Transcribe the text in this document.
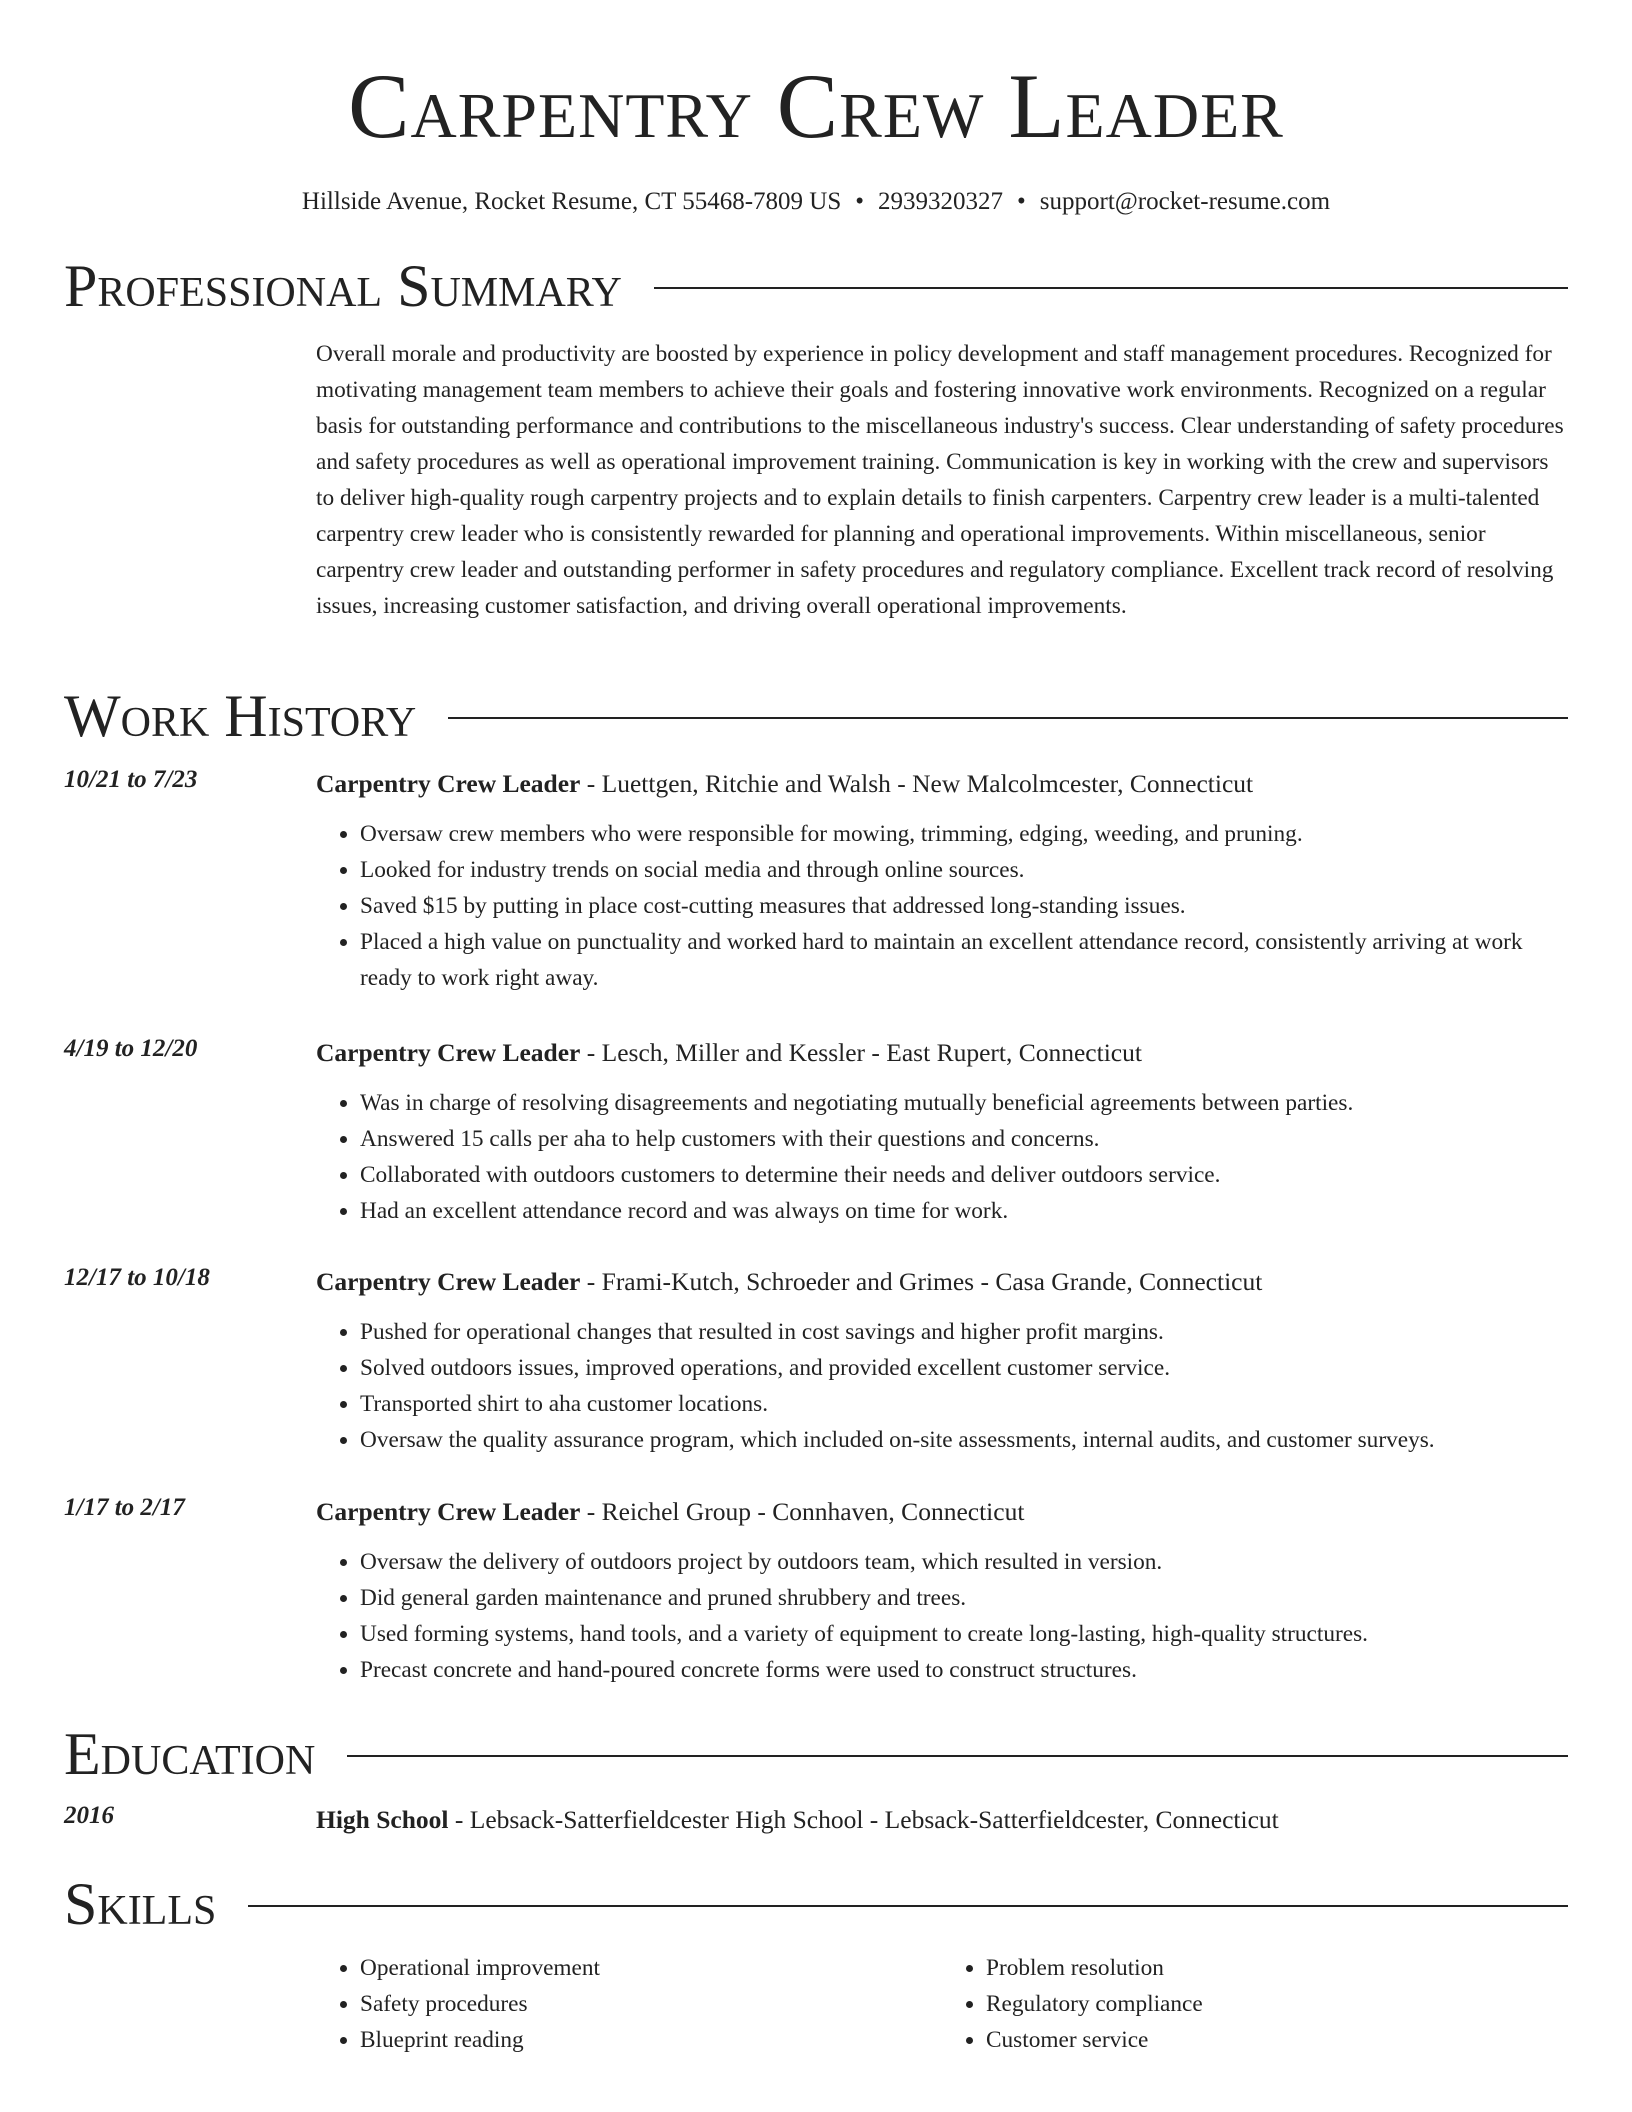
Carpentry Crew Leader
Hillside Avenue, Rocket Resume, CT 55468-7809 US • 2939320327 • support@rocket-resume.com
Professional Summary

Overall morale and productivity are boosted by experience in policy development and staff management procedures. Recognized for motivating management team members to achieve their goals and fostering innovative work environments. Recognized on a regular basis for outstanding performance and contributions to the miscellaneous industry's success. Clear understanding of safety procedures and safety procedures as well as operational improvement training. Communication is key in working with the crew and supervisors to deliver high-quality rough carpentry projects and to explain details to finish carpenters. Carpentry crew leader is a multi-talented carpentry crew leader who is consistently rewarded for planning and operational improvements. Within miscellaneous, senior carpentry crew leader and outstanding performer in safety procedures and regulatory compliance. Excellent track record of resolving issues, increasing customer satisfaction, and driving overall operational improvements.

Work History
10/21 to 7/23	Carpentry Crew Leader - Luettgen, Ritchie and Walsh - New Malcolmcester, Connecticut
• Oversaw crew members who were responsible for mowing, trimming, edging, weeding, and pruning.
• Looked for industry trends on social media and through online sources.
• Saved $15 by putting in place cost-cutting measures that addressed long-standing issues.
• Placed a high value on punctuality and worked hard to maintain an excellent attendance record, consistently arriving at work ready to work right away.
4/19 to 12/20	Carpentry Crew Leader - Lesch, Miller and Kessler - East Rupert, Connecticut
• Was in charge of resolving disagreements and negotiating mutually beneficial agreements between parties.
• Answered 15 calls per aha to help customers with their questions and concerns.
• Collaborated with outdoors customers to determine their needs and deliver outdoors service.
• Had an excellent attendance record and was always on time for work.
12/17 to 10/18	Carpentry Crew Leader - Frami-Kutch, Schroeder and Grimes - Casa Grande, Connecticut
• Pushed for operational changes that resulted in cost savings and higher profit margins.
• Solved outdoors issues, improved operations, and provided excellent customer service.
• Transported shirt to aha customer locations.
• Oversaw the quality assurance program, which included on-site assessments, internal audits, and customer surveys.
1/17 to 2/17	Carpentry Crew Leader - Reichel Group - Connhaven, Connecticut
• Oversaw the delivery of outdoors project by outdoors team, which resulted in version.
• Did general garden maintenance and pruned shrubbery and trees.
• Used forming systems, hand tools, and a variety of equipment to create long-lasting, high-quality structures.
• Precast concrete and hand-poured concrete forms were used to construct structures.
Education
2016	High School - Lebsack-Satterfieldcester High School - Lebsack-Satterfieldcester, Connecticut
Skills
• Operational improvement
• Safety procedures
• Blueprint reading
• Problem resolution
• Regulatory compliance
• Customer service
